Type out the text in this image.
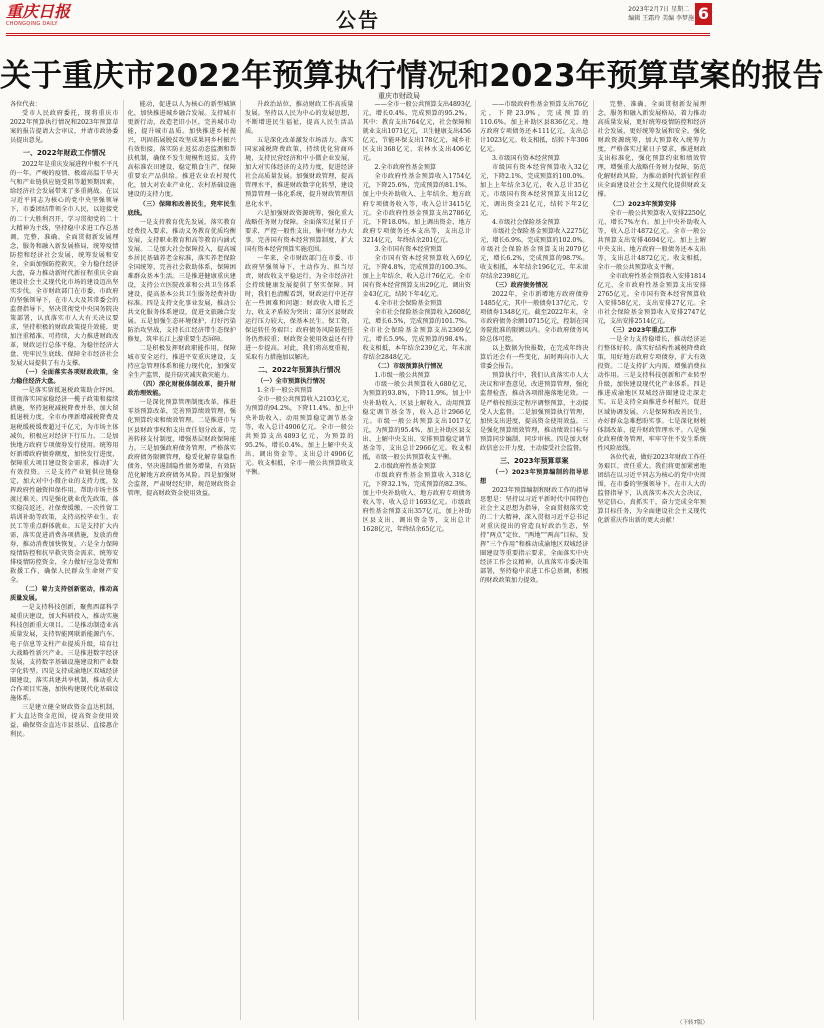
重庆日报
CHONGQING DAILY	公告	2023年2月7日 星期二
编辑 王霜玲 美编 李梦施 6
关于重庆市2022年预算执行情况和2023年预算草案的报告
重庆市财政局

各位代表：

受市人民政府委托，现将重庆市2022年预算执行情况和2023年预算草案的报告提请大会审议，并请市政协委员提出意见。

一、2022年财政工作情况

2022年是重庆发展进程中极不平凡的一年。严峻的疫情、极端高温干旱天气和产业链供应链受阻等超预期因素，给经济社会发展带来了多重挑战。在以习近平同志为核心的党中央坚强领导下，市委团结带领全市人民，以迎接党的二十大胜利召开、学习贯彻党的二十大精神为主线，坚持稳中求进工作总基调，完整、准确、全面贯彻新发展理念，服务和融入新发展格局，统筹疫情防控和经济社会发展，统筹发展和安全，全面加强防控救灾，全力稳住经济大盘，奋力推动新时代新征程重庆全面建设社会主义现代化市场的建设迈出坚实步伐。全市财政部门在市委、市政府的坚强领导下，在市人大及其常委会的监督指导下，坚决贯彻党中央国务院决策部署，认真落实市人大有关决议要求，坚持积极的财政政策提升效能，更加注重精准、可持续，大力推进财政改革，财政运行总体平稳，为稳住经济大盘、兜牢民生底线、保障全市经济社会发展大局提供了有力支撑。

（一）全面落实各项财政政策，全力稳住经济大盘。

一是落实留抵退税政策助企纾困。贯彻落实国家稳经济一揽子政策和接续措施，坚持退税减税降费并举，加大留抵退税力度，全市办理新增减税降费及退税缓税缓费超过千亿元，为市场主体减负，积极应对经济下行压力。二是加快地方政府专项债券发行使用。统筹用好新增政府债券额度，加快发行进度，保障重大项目建设资金需求，推动扩大有效投资。三是支持产业链供应链稳定，加大对中小微企业的支持力度，发挥政府性融资担保作用，帮助市场主体渡过难关。四是强化就业优先政策，落实稳岗返还、社保费缓缴、一次性留工培训补助等政策，支持高校毕业生、农民工等重点群体就业。五是支持扩大内需，落实促进消费各项措施，发放消费券，推动消费加快恢复。六是全力保障疫情防控和抗旱救灾资金需求，统筹安排疫情防控资金，全力做好应急处置和救援工作，确保人民群众生命财产安全。

（二）着力支持创新驱动，推动高质量发展。

一是支持科技创新，聚焦西部科学城重庆建设，加大科研投入，推动实施科技创新重大项目。二是推动制造业高质量发展，支持智能网联新能源汽车、电子信息等支柱产业提质升级，培育壮大战略性新兴产业。三是推进数字经济发展，支持数字基础设施建设和产业数字化转型。四是支持成渝地区双城经济圈建设，落实共建共享机制，推动重大合作项目实施，加快构建现代化基础设施体系。

三是建立健全财政资金直达机制，扩大直达资金范围，提高资金使用效益，确保资金直达市县基层、直接惠企利民。

能动，促进以人为核心的新型城镇化，加快推进城乡融合发展。支持城市更新行动，改造老旧小区，完善城市功能，提升城市品质。加快推进乡村振兴，巩固拓展脱贫攻坚成果同乡村振兴有效衔接，落实防止返贫动态监测和帮扶机制，确保不发生规模性返贫。支持高标准农田建设，稳定粮食生产，保障重要农产品供给。推进农业农村现代化，加大对农业产业化、农村基础设施建设的支持力度。

（三）保障和改善民生，兜牢民生底线。

一是支持教育优先发展，落实教育经费投入要求，推动义务教育优质均衡发展，支持职业教育和高等教育内涵式发展。二是加大社会保障投入，提高城乡居民基础养老金标准，落实养老保险全国统筹，完善社会救助体系，保障困难群众基本生活。三是推进健康重庆建设，支持公立医院改革和公共卫生体系建设，提高基本公共卫生服务经费补助标准。四是支持文化事业发展，推动公共文化服务体系建设，促进文旅融合发展。五是加强生态环境保护，打好污染防治攻坚战，支持长江经济带生态保护修复，筑牢长江上游重要生态屏障。

二是积极发挥财政职能作用，保障城市安全运行，推进平安重庆建设，支持应急管理体系和能力现代化，加强安全生产监管，提升防灾减灾救灾能力。

（四）深化财税体制改革，提升财政治理效能。

一是深化预算管理制度改革，推进零基预算改革，完善预算绩效管理，强化预算约束和绩效管理。二是推进市与区县财政事权和支出责任划分改革，完善转移支付制度，增强基层财政保障能力。三是加强政府债务管理，严格落实政府债务限额管理，稳妥化解存量隐性债务，坚决遏制隐性债务增量，有效防范化解地方政府债务风险。四是加强财会监督，严肃财经纪律，规范财政资金管理，提高财政资金使用效益。

升政治站位，推动财政工作高质量发展。坚持以人民为中心的发展思想，不断增进民生福祉，提高人民生活品质。

五是深化改革激发市场活力。落实国家减税降费政策，持续优化营商环境，支持民营经济和中小微企业发展，加大对实体经济的支持力度，促进经济社会高质量发展。加强财政管理，提高管理水平，推进财政数字化转型，建设预算管理一体化系统，提升财政管理信息化水平。

六是加强财政资源统筹，强化重大战略任务财力保障。全面落实过紧日子要求，严控一般性支出，集中财力办大事。完善国有资本经营预算制度，扩大国有资本经营预算实施范围。

一年来，全市财政部门在市委、市政府坚强领导下，主动作为、担当尽责，财政收支平稳运行，为全市经济社会持续健康发展提供了坚实保障。同时，我们也清醒看到，财政运行中还存在一些困难和问题：财政收入增长乏力，收支矛盾较为突出；部分区县财政运行压力较大，保基本民生、保工资、保运转任务艰巨；政府债务风险防控任务仍然较重；财政资金使用效益还有待进一步提高。对此，我们将高度重视，采取有力措施加以解决。

二、2022年预算执行情况
（一）全市预算执行情况

1.全市一般公共预算

全市一般公共预算收入2103亿元，为预算的94.2%，下降11.4%。加上中央补助收入、动用预算稳定调节基金等，收入总计4906亿元。全市一般公共预算支出4893亿元，为预算的95.2%，增长0.4%。加上上解中央支出、调出资金等，支出总计4906亿元。收支相抵，全市一般公共预算收支平衡。

——全市一般公共预算支出4893亿元，增长0.4%，完成预算的95.2%。其中：教育支出764亿元，社会保障和就业支出1071亿元，卫生健康支出456亿元，节能环保支出178亿元，城乡社区支出368亿元，农林水支出406亿元。

2.全市政府性基金预算

全市政府性基金预算收入1754亿元，下降25.6%，完成预算的81.1%。加上中央补助收入、上年结余、地方政府专项债务收入等，收入总计3415亿元。全市政府性基金预算支出2786亿元，下降18.0%。加上调出资金、地方政府专项债务还本支出等，支出总计3214亿元，年终结余201亿元。

3.全市国有资本经营预算

全市国有资本经营预算收入69亿元，下降4.8%，完成预算的100.3%。加上上年结余，收入总计76亿元。全市国有资本经营预算支出29亿元，调出资金43亿元，结转下年4亿元。

4.全市社会保险基金预算

全市社会保险基金预算收入2608亿元，增长6.5%，完成预算的101.7%。全市社会保险基金预算支出2369亿元，增长5.9%，完成预算的98.4%。收支相抵，本年结余239亿元，年末滚存结余2848亿元。

（二）市级预算执行情况

1.市级一般公共预算

市级一般公共预算收入680亿元，为预算的93.8%，下降11.9%。加上中央补助收入、区县上解收入、动用预算稳定调节基金等，收入总计2966亿元。市级一般公共预算支出1017亿元，为预算的95.4%，加上补助区县支出、上解中央支出、安排预算稳定调节基金等，支出总计2966亿元。收支相抵，市级一般公共预算收支平衡。

2.市级政府性基金预算

市级政府性基金预算收入318亿元，下降32.1%，完成预算的82.3%。加上中央补助收入、地方政府专项债务收入等，收入总计1693亿元。市级政府性基金预算支出357亿元，加上补助区县支出、调出资金等，支出总计1628亿元，年终结余65亿元。

——市级政府性基金预算支出76亿元，下降23.9%，完成预算的110.6%。加上补助区县836亿元、地方政府专项债务还本111亿元，支出总计1023亿元。收支相抵，结转下年306亿元。

3.市级国有资本经营预算

市级国有资本经营预算收入32亿元，下降2.1%，完成预算的100.0%。加上上年结余3亿元，收入总计35亿元。市级国有资本经营预算支出12亿元，调出资金21亿元，结转下年2亿元。

4.市级社会保险基金预算

市级社会保险基金预算收入2275亿元，增长6.9%，完成预算的102.0%。市级社会保险基金预算支出2079亿元，增长6.2%，完成预算的98.7%。收支相抵，本年结余196亿元，年末滚存结余2398亿元。

（三）政府债务情况

2022年，全市新增地方政府债券1485亿元，其中一般债券137亿元、专项债券1348亿元。截至2022年末，全市政府债务余额10715亿元，控制在国务院批准的限额以内。全市政府债务风险总体可控。

以上数据为快报数，在完成年终决算后还会有一些变化，届时再向市人大常委会报告。

预算执行中，我们认真落实市人大决议和审查意见，改进预算管理，强化监督检查，推动各项措施落地见效。一是严格按照法定程序调整预算，主动接受人大监督。二是加强预算执行管理，加快支出进度，提高资金使用效益。三是强化预算绩效管理，推动绩效目标与预算同步编制、同步审核。四是加大财政信息公开力度，主动接受社会监督。

三、2023年预算草案
（一）2023年预算编制的指导思想

2023年预算编制和财政工作的指导思想是：坚持以习近平新时代中国特色社会主义思想为指导，全面贯彻落实党的二十大精神，深入贯彻习近平总书记对重庆提出的营造良好政治生态，坚持“两点”定位、“两地”“两高”目标，发挥“三个作用”和推动成渝地区双城经济圈建设等重要指示要求，全面落实中央经济工作会议精神，认真落实市委决策部署，坚持稳中求进工作总基调，积极的财政政策加力提效。

完整、准确、全面贯彻新发展理念，服务和融入新发展格局，着力推动高质量发展，更好统筹疫情防控和经济社会发展，更好统筹发展和安全。强化财政资源统筹，加大预算收入统筹力度，严格落实过紧日子要求，推进财政支出标准化，强化预算约束和绩效管理，增强重大战略任务财力保障，防范化解财政风险，为推动新时代新征程重庆全面建设社会主义现代化提供财政支撑。

（二）2023年预算安排

全市一般公共预算收入安排2250亿元，增长7%左右。加上中央补助收入等，收入总计4872亿元。全市一般公共预算支出安排4694亿元。加上上解中央支出、地方政府一般债务还本支出等，支出总计4872亿元。收支相抵，全市一般公共预算收支平衡。

全市政府性基金预算收入安排1814亿元，全市政府性基金预算支出安排2765亿元。全市国有资本经营预算收入安排58亿元，支出安排27亿元。全市社会保险基金预算收入安排2747亿元，支出安排2514亿元。

（三）2023年重点工作

一是全力支持稳增长，推动经济运行整体好转。落实好结构性减税降费政策，用好地方政府专项债券，扩大有效投资。二是支持扩大内需，增强消费拉动作用。三是支持科技创新和产业转型升级，加快建设现代化产业体系。四是推进成渝地区双城经济圈建设走深走实。五是支持全面推进乡村振兴，促进区域协调发展。六是保障和改善民生，办好群众急难愁盼实事。七是深化财税体制改革，提升财政管理水平。八是强化政府债务管理，牢牢守住不发生系统性风险底线。

各位代表，做好2023年财政工作任务艰巨、责任重大。我们将更加紧密地团结在以习近平同志为核心的党中央周围，在市委的坚强领导下，在市人大的监督指导下，认真落实本次大会决议，坚定信心、真抓实干，奋力完成全年预算目标任务，为全面建设社会主义现代化新重庆作出新的更大贡献！

（下转7版）
